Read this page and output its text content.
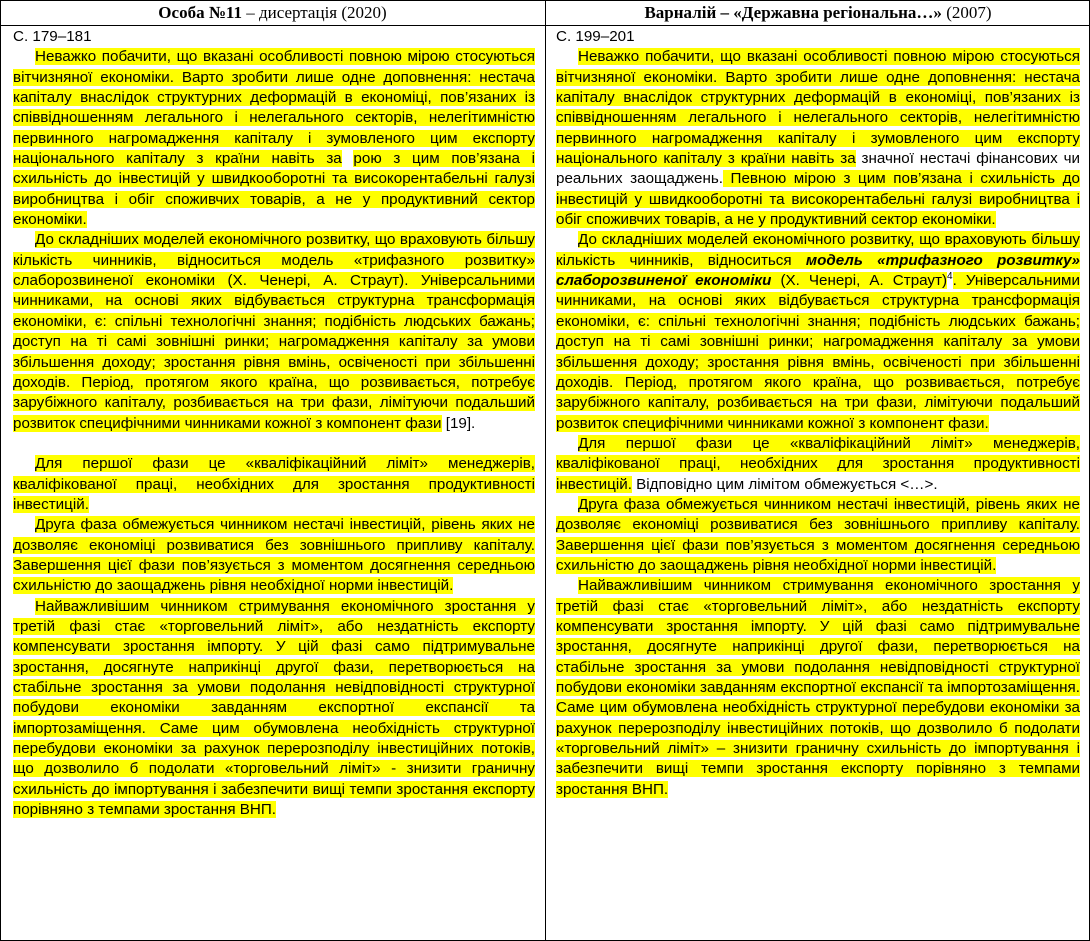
Особа №11 – дисертація (2020)	Варналій – «Державна регіональна…» (2007)

С. 179–181

Неважко побачити, що вказані особливості повною мірою стосуються вітчизняної економіки. Варто зробити лише одне доповнення: нестача капіталу внаслідок структурних деформацій в економіці, пов’язаних із співвідношенням легального і нелегального секторів, нелегітимністю первинного нагромадження капіталу і зумовленого цим експорту національного капіталу з країни навіть за рою з цим пов’язана і схильність до інвестицій у швидкооборотні та високорентабельні галузі виробництва і обіг споживчих товарів, а не у продуктивний сектор економіки.

До складніших моделей економічного розвитку, що враховують більшу кількість чинників, відноситься модель «трифазного розвитку» слаборозвиненої економіки (Х. Ченері, А. Страут). Універсальними чинниками, на основі яких відбувається структурна трансформація економіки, є: спільні технологічні знання; подібність людських бажань; доступ на ті самі зовнішні ринки; нагромадження капіталу за умови збільшення доходу; зростання рівня вмінь, освіченості при збільшенні доходів. Період, протягом якого країна, що розвивається, потребує зарубіжного капіталу, розбивається на три фази, лімітуючи подальший розвиток специфічними чинниками кожної з компонент фази [19].

Для першої фази це «кваліфікаційний ліміт» менеджерів, кваліфікованої праці, необхідних для зростання продуктивності інвестицій.

Друга фаза обмежується чинником нестачі інвестицій, рівень яких не дозволяє економіці розвиватися без зовнішнього припливу капіталу. Завершення цієї фази пов’язується з моментом досягнення середньою схильністю до заощаджень рівня необхідної норми інвестицій.

Найважливішим чинником стримування економічного зростання у третій фазі стає «торговельний ліміт», або нездатність експорту компенсувати зростання імпорту. У цій фазі само підтримувальне зростання, досягнуте наприкінці другої фази, перетворюється на стабільне зростання за умови подолання невідповідності структурної побудови економіки завданням експортної експансії та імпортозаміщення. Саме цим обумовлена необхідність структурної перебудови економіки за рахунок перерозподілу інвестиційних потоків, що дозволило б подолати «торговельний ліміт» - знизити граничну схильність до імпортування і забезпечити вищі темпи зростання експорту порівняно з темпами зростання ВНП.

С. 199–201

Неважко побачити, що вказані особливості повною мірою стосуються вітчизняної економіки. Варто зробити лише одне доповнення: нестача капіталу внаслідок структурних деформацій в економіці, пов’язаних із співвідношенням легального і нелегального секторів, нелегітимністю первинного нагромадження капіталу і зумовленого цим експорту національного капіталу з країни навіть за значної нестачі фінансових чи реальних заощаджень. Певною мірою з цим пов’язана і схильність до інвестицій у швидкооборотні та високорентабельні галузі виробництва і обіг споживчих товарів, а не у продуктивний сектор економіки.

До складніших моделей економічного розвитку, що враховують більшу кількість чинників, відноситься модель «трифазного розвитку» слаборозвиненої економіки (Х. Ченері, А. Страут)$^4$. Універсальними чинниками, на основі яких відбувається структурна трансформація економіки, є: спільні технологічні знання; подібність людських бажань; доступ на ті самі зовнішні ринки; нагромадження капіталу за умови збільшення доходу; зростання рівня вмінь, освіченості при збільшенні доходів. Період, протягом якого країна, що розвивається, потребує зарубіжного капіталу, розбивається на три фази, лімітуючи подальший розвиток специфічними чинниками кожної з компонент фази.

Для першої фази це «кваліфікаційний ліміт» менеджерів, кваліфікованої праці, необхідних для зростання продуктивності інвестицій. Відповідно цим лімітом обмежується <…>.

Друга фаза обмежується чинником нестачі інвестицій, рівень яких не дозволяє економіці розвиватися без зовнішнього припливу капіталу. Завершення цієї фази пов’язується з моментом досягнення середньою схильністю до заощаджень рівня необхідної норми інвестицій.

Найважливішим чинником стримування економічного зростання у третій фазі стає «торговельний ліміт», або нездатність експорту компенсувати зростання імпорту. У цій фазі само підтримувальне зростання, досягнуте наприкінці другої фази, перетворюється на стабільне зростання за умови подолання невідповідності структурної побудови економіки завданням експортної експансії та імпортозаміщення. Саме цим обумовлена необхідність структурної перебудови економіки за рахунок перерозподілу інвестиційних потоків, що дозволило б подолати «торговельний ліміт» – знизити граничну схильність до імпортування і забезпечити вищі темпи зростання експорту порівняно з темпами зростання ВНП.
